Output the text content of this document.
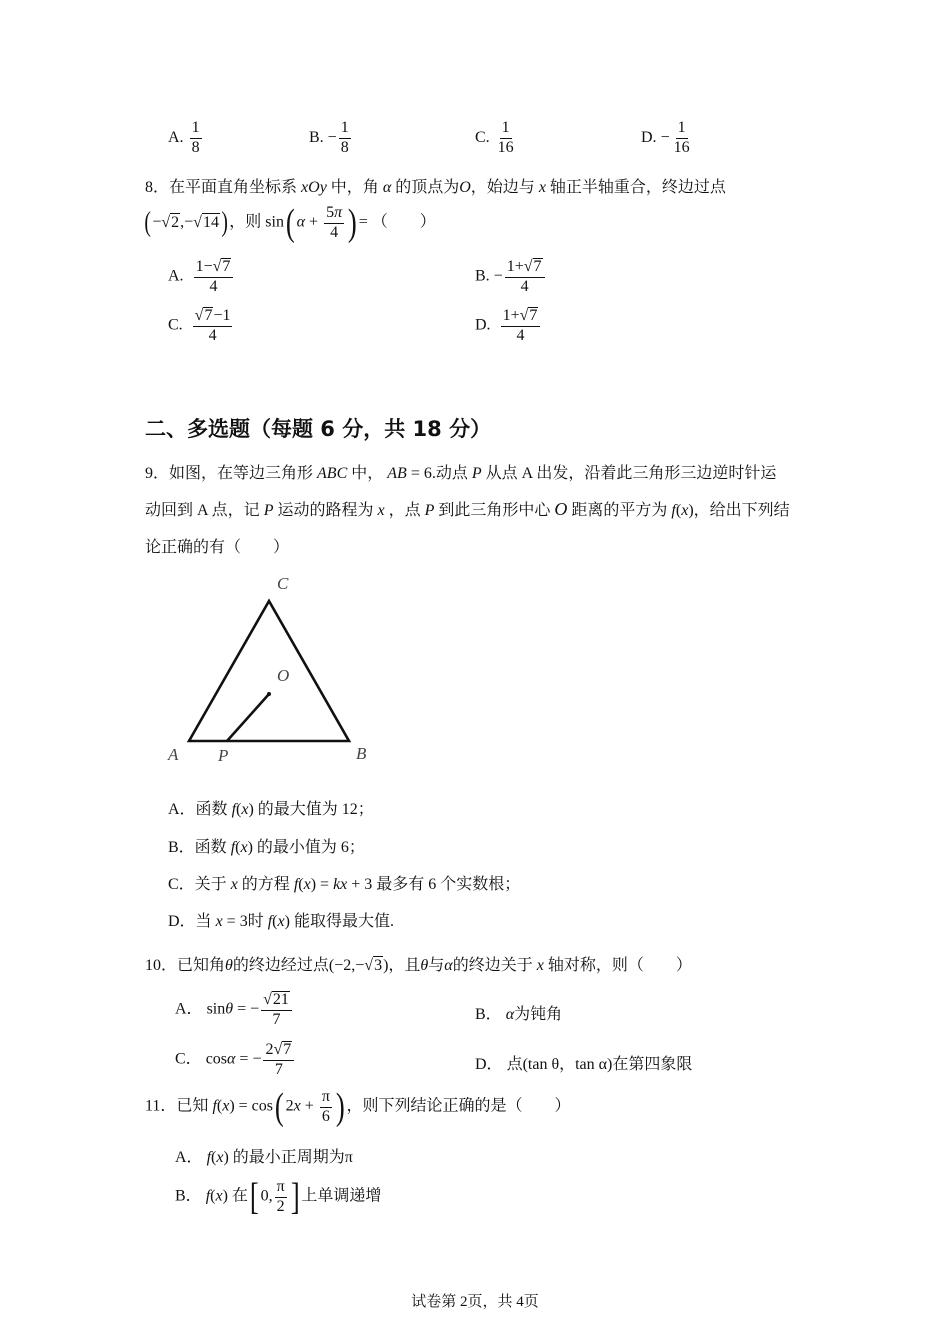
A. $\frac{1}{8}$	B. − $\frac{1}{8}$	C. $\frac{1}{16}$	D. − $\frac{1}{16}$
8．在平面直角坐标系 xOy 中，角 α 的顶点为O，始边与 x 轴正半轴重合，终边过点
(−√2,−√14)，则 sin( $\alpha + \frac{5\pi}{4}$ ) = （　　）
A. $\frac{1-√7}{4}$	B. − $\frac{1+√7}{4}$
C. $\frac{√7-1}{4}$	D. $\frac{1+√7}{4}$
二、多选题（每题 6 分，共 18 分）
9．如图，在等边三角形 ABC 中， AB = 6.动点 P 从点 A 出发，沿着此三角形三边逆时针运
动回到 A 点，记 P 运动的路程为 x ，点 P 到此三角形中心 O 距离的平方为 f(x)，给出下列结
论正确的有（　　）
C
O
A P	B
A．函数 f(x) 的最大值为 12；
B．函数 f(x) 的最小值为 6；
C．关于 x 的方程 f(x) = kx + 3 最多有 6 个实数根；
D．当 x = 3时 f(x) 能取得最大值.
10．已知角θ的终边经过点(−2,−√3)，且θ与α的终边关于 x 轴对称，则（　　）
A． sinθ = − $\frac{√21}{7}$	B． α为钝角
C． cosα = − $\frac{2√7}{7}$	D． 点(tan θ，tan α)在第四象限
11．已知 f(x) = cos( $2x + \frac{\pi}{6}$ ) ，则下列结论正确的是（　　）
A． f(x) 的最小正周期为π
B． f(x) 在[ 0, $\frac{\pi}{2}$ ] 上单调递增
试卷第 2页，共 4页
